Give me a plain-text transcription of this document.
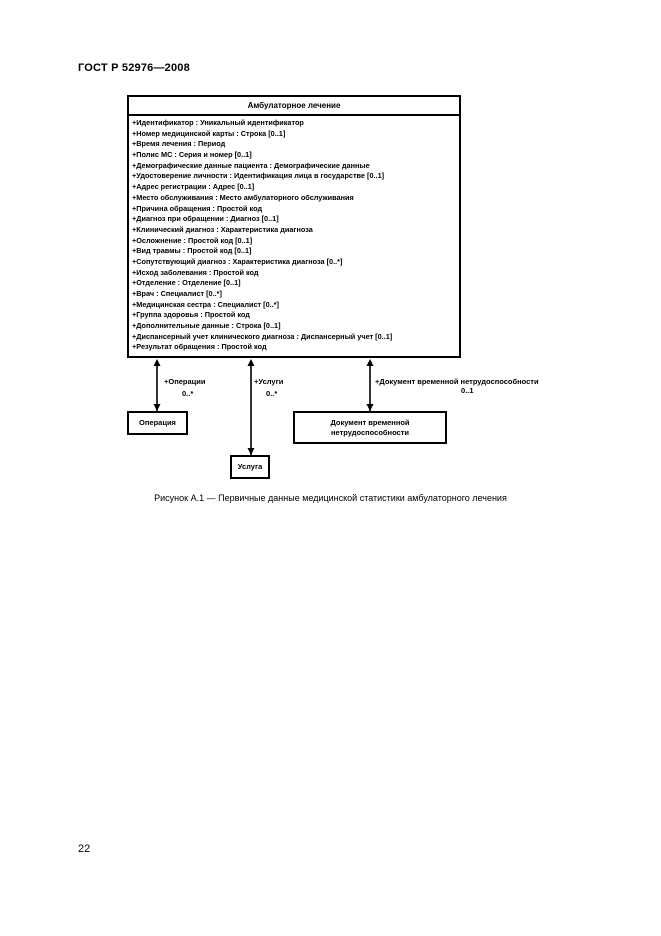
ГОСТ Р 52976—2008
Амбулаторное лечение
+Идентификатор : Уникальный идентификатор
+Номер медицинской карты : Строка [0..1]
+Время лечения : Период
+Полис МС : Серия и номер [0..1]
+Демографические данные пациента : Демографические данные
+Удостоверение личности : Идентификация лица в государстве [0..1]
+Адрес регистрации : Адрес [0..1]
+Место обслуживания : Место амбулаторного обслуживания
+Причина обращения : Простой код
+Диагноз при обращении : Диагноз [0..1]
+Клинический диагноз : Характеристика диагноза
+Осложнение : Простой код [0..1]
+Вид травмы : Простой код [0..1]
+Сопутствующий диагноз : Характеристика диагноза [0..*]
+Исход заболевания : Простой код
+Отделение : Отделение [0..1]
+Врач : Специалист [0..*]
+Медицинская сестра : Специалист [0..*]
+Группа здоровья : Простой код
+Дополнительные данные : Строка [0..1]
+Диспансерный учет клинического диагноза : Диспансерный учет [0..1]
+Результат обращения : Простой код
+Операции
0..*
+Услуги
0..*
+Документ временной нетрудоспособности
0..1
Операция
Услуга
Документ временной нетрудоспособности
Рисунок А.1 — Первичные данные медицинской статистики амбулаторного лечения
22
